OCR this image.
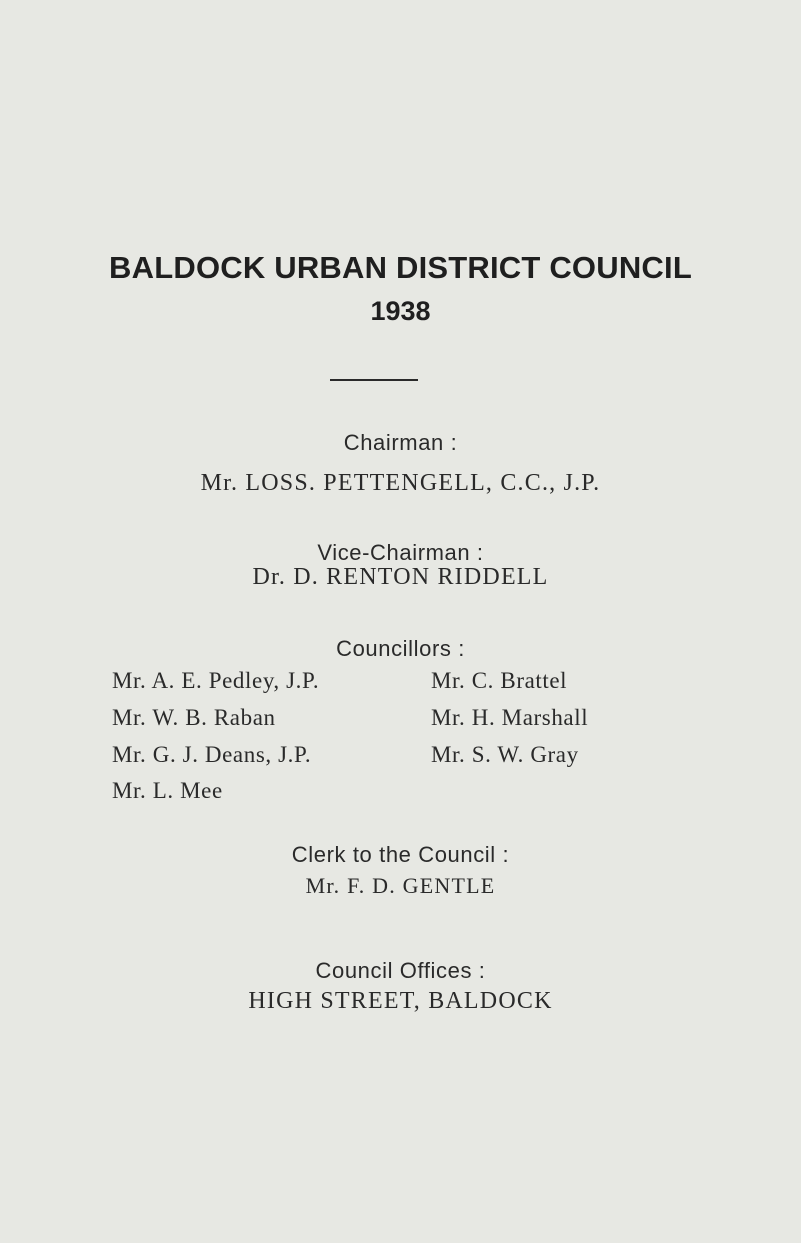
BALDOCK URBAN DISTRICT COUNCIL
1938
Chairman :
Mr. LOSS. PETTENGELL, C.C., J.P.
Vice-Chairman :
Dr. D. RENTON RIDDELL
Councillors :
Mr. A. E. Pedley, J.P.
Mr. W. B. Raban
Mr. G. J. Deans, J.P.
Mr. L. Mee
Mr. C. Brattel
Mr. H. Marshall
Mr. S. W. Gray
Clerk to the Council :
Mr. F. D. GENTLE
Council Offices :
HIGH STREET, BALDOCK
